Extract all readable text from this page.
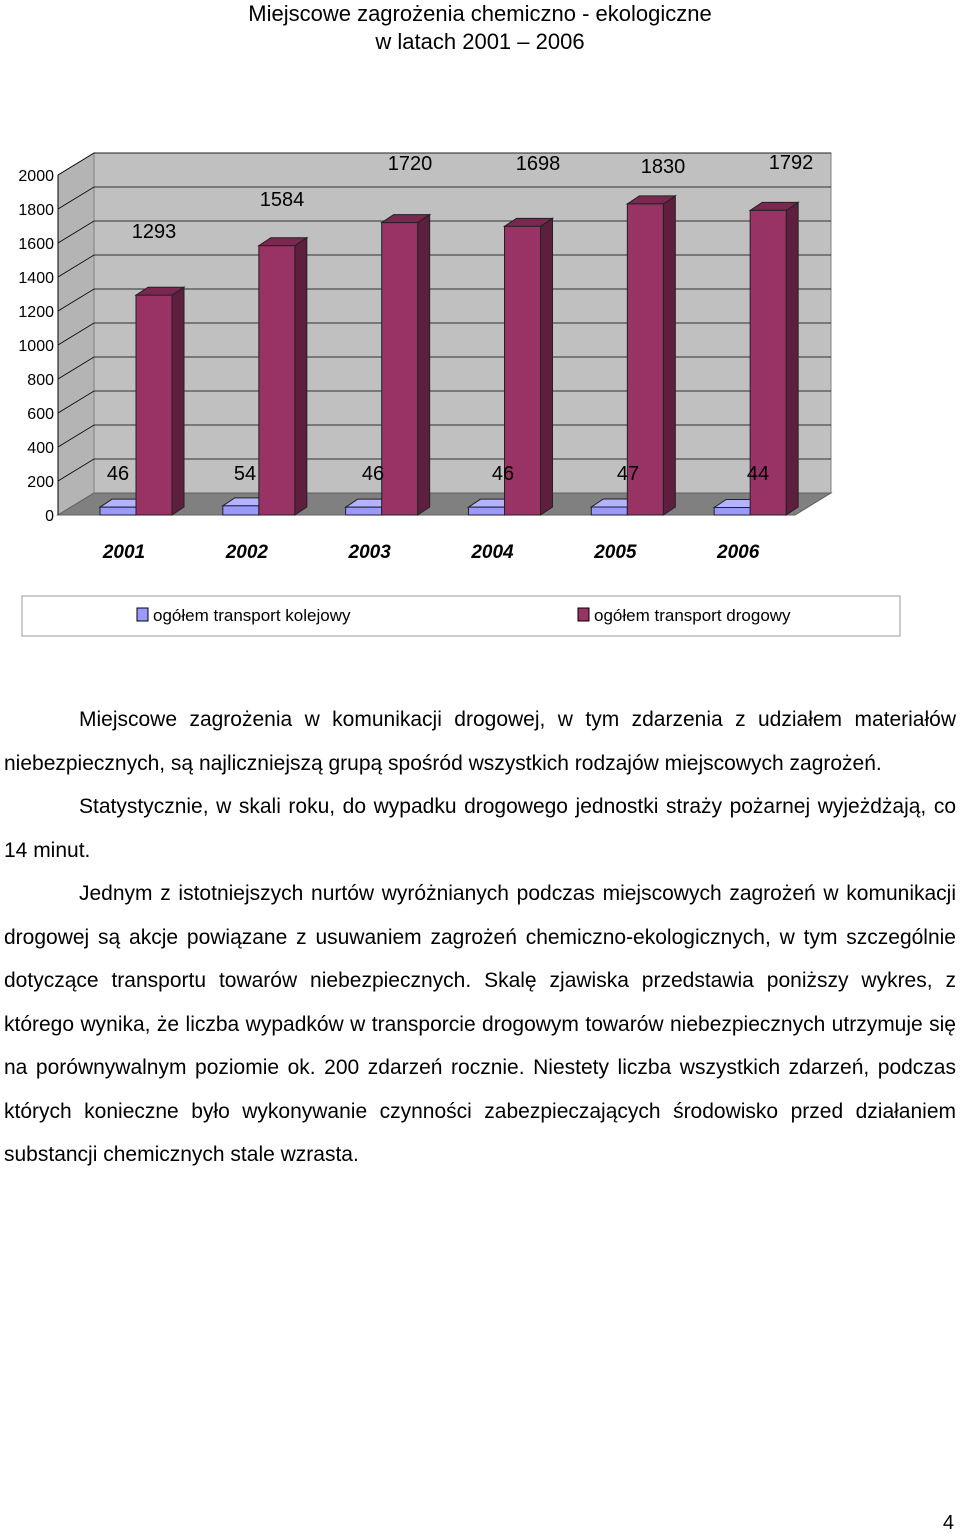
Miejscowe zagrożenia chemiczno - ekologiczne
w latach 2001 – 2006
0
200
400
600
800
1000
1200
1400
1600
1800
2000
1293
46
2001
1584
54
2002
1720
46
2003
1698
46
2004
1830
47
2005
1792
44
2006
ogółem transport kolejowy	ogółem transport drogowy

Miejscowe zagrożenia w komunikacji drogowej, w tym zdarzenia z udziałem materiałów niebezpiecznych, są najliczniejszą grupą spośród wszystkich rodzajów miejscowych zagrożeń.

Statystycznie, w skali roku, do wypadku drogowego jednostki straży pożarnej wyjeżdżają, co 14 minut.

Jednym z istotniejszych nurtów wyróżnianych podczas miejscowych zagrożeń w komunikacji drogowej są akcje powiązane z usuwaniem zagrożeń chemiczno-ekologicznych, w tym szczególnie dotyczące transportu towarów niebezpiecznych. Skalę zjawiska przedstawia poniższy wykres, z którego wynika, że liczba wypadków w transporcie drogowym towarów niebezpiecznych utrzymuje się na porównywalnym poziomie ok. 200 zdarzeń rocznie. Niestety liczba wszystkich zdarzeń, podczas których konieczne było wykonywanie czynności zabezpieczających środowisko przed działaniem substancji chemicznych stale wzrasta.

4
